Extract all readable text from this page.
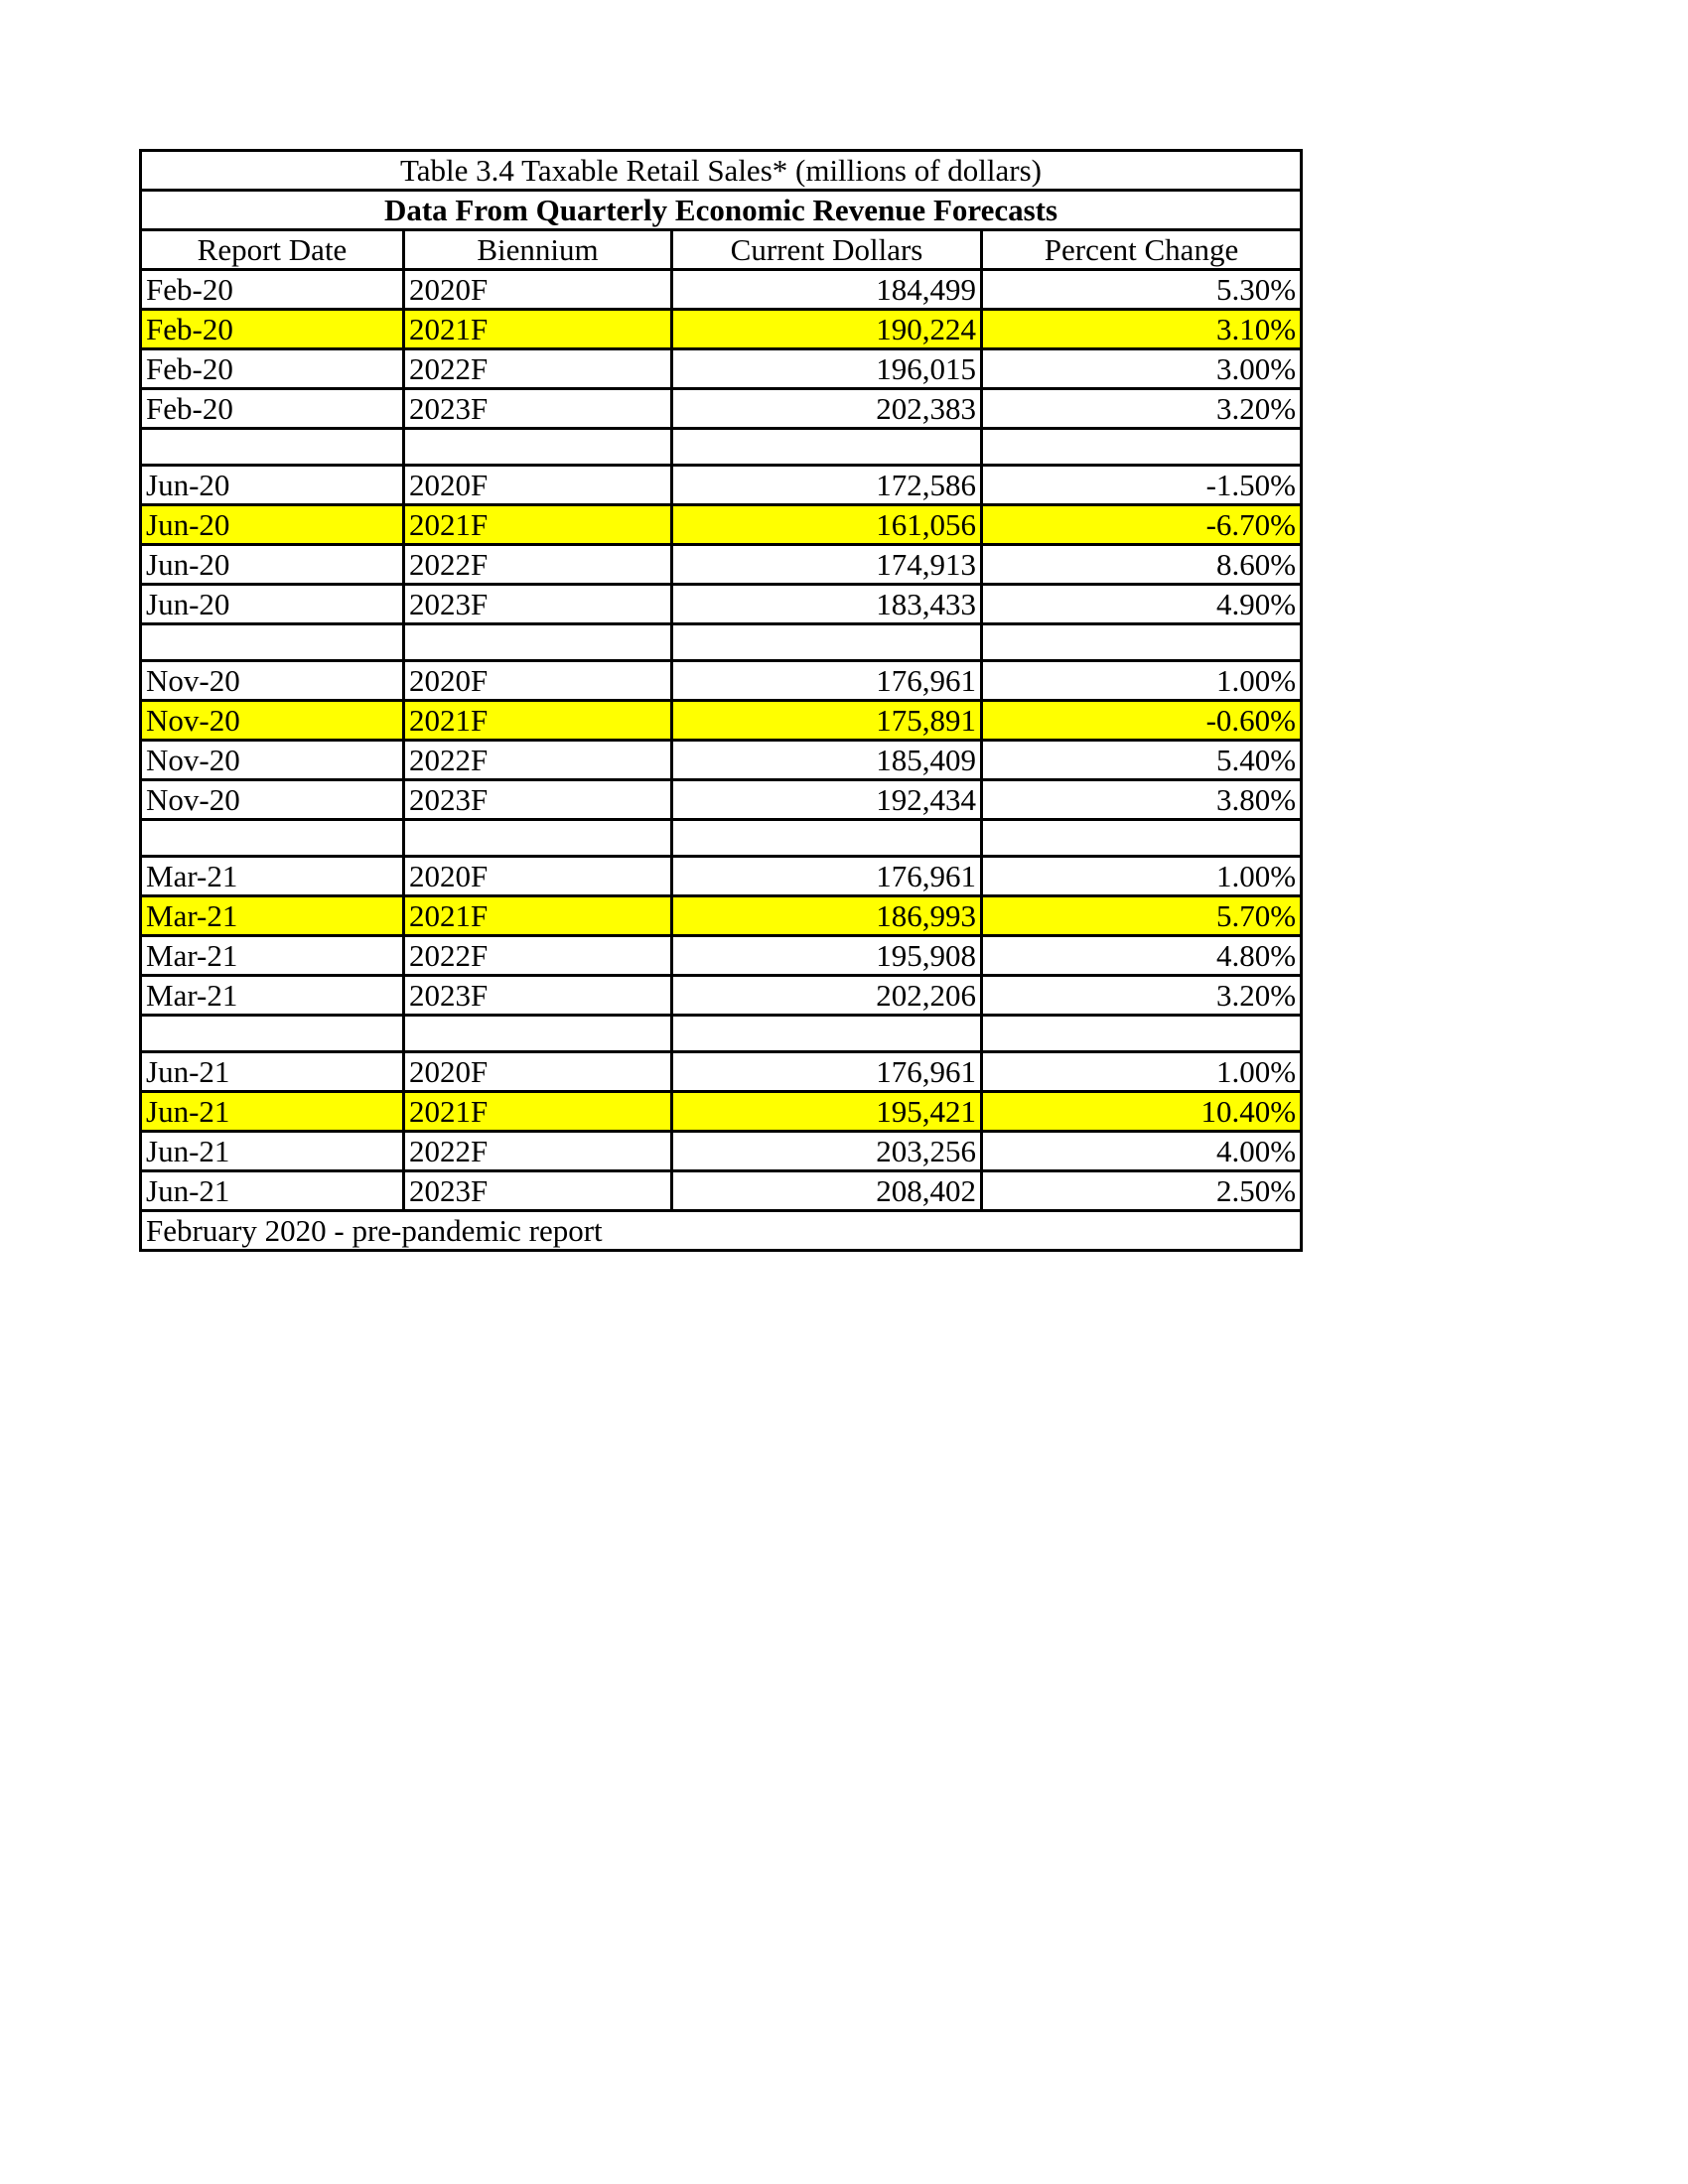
Table 3.4 Taxable Retail Sales* (millions of dollars)			
Data From Quarterly Economic Revenue Forecasts			
Report Date	Biennium	Current Dollars	Percent Change
Feb-20	2020F	184,499	5.30%
Feb-20	2021F	190,224	3.10%
Feb-20	2022F	196,015	3.00%
Feb-20	2023F	202,383	3.20%

Jun-20	2020F	172,586	-1.50%
Jun-20	2021F	161,056	-6.70%
Jun-20	2022F	174,913	8.60%
Jun-20	2023F	183,433	4.90%

Nov-20	2020F	176,961	1.00%
Nov-20	2021F	175,891	-0.60%
Nov-20	2022F	185,409	5.40%
Nov-20	2023F	192,434	3.80%

Mar-21	2020F	176,961	1.00%
Mar-21	2021F	186,993	5.70%
Mar-21	2022F	195,908	4.80%
Mar-21	2023F	202,206	3.20%

Jun-21	2020F	176,961	1.00%
Jun-21	2021F	195,421	10.40%
Jun-21	2022F	203,256	4.00%
Jun-21	2023F	208,402	2.50%
February 2020 - pre-pandemic report			
